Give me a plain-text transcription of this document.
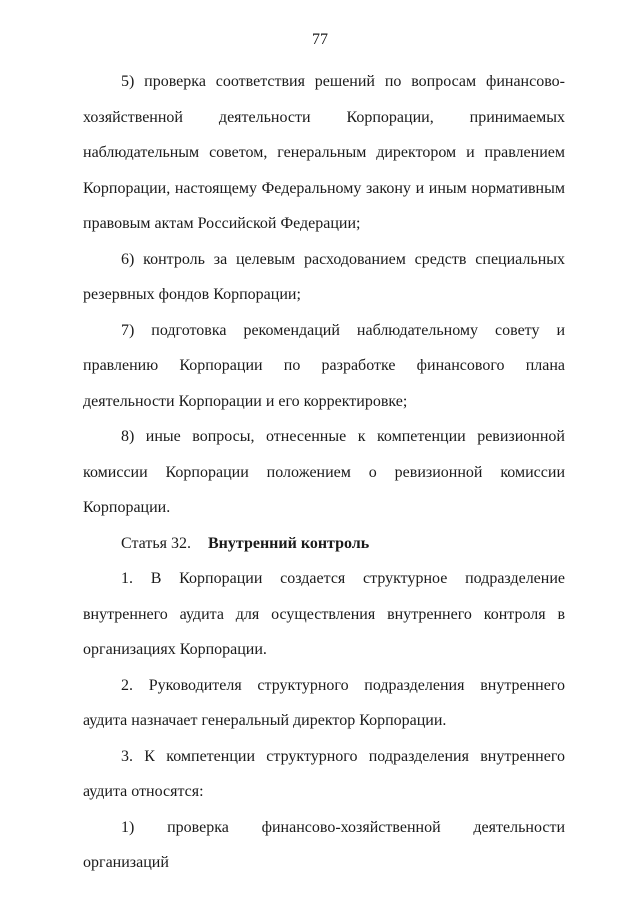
77

5) проверка соответствия решений по вопросам финансово-хозяйственной деятельности Корпорации, принимаемых наблюдательным советом, генеральным директором и правлением Корпорации, настоящему Федеральному закону и иным нормативным правовым актам Российской Федерации;

6) контроль за целевым расходованием средств специальных резервных фондов Корпорации;

7) подготовка рекомендаций наблюдательному совету и правлению Корпорации по разработке финансового плана деятельности Корпорации и его корректировке;

8) иные вопросы, отнесенные к компетенции ревизионной комиссии Корпорации положением о ревизионной комиссии Корпорации.

Статья 32. Внутренний контроль

1. В Корпорации создается структурное подразделение внутреннего аудита для осуществления внутреннего контроля в организациях Корпорации.

2. Руководителя структурного подразделения внутреннего аудита назначает генеральный директор Корпорации.

3. К компетенции структурного подразделения внутреннего аудита относятся:

1) проверка финансово-хозяйственной деятельности организаций
